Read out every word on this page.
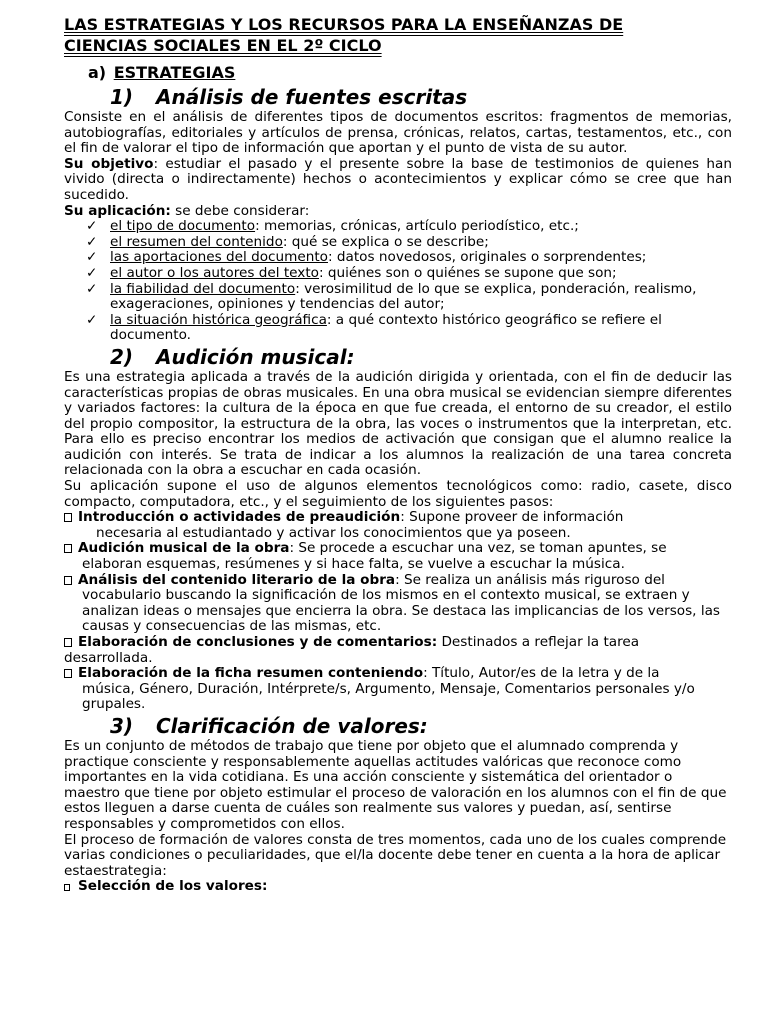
LAS ESTRATEGIAS Y LOS RECURSOS PARA LA ENSEÑANZAS DE
CIENCIAS SOCIALES EN EL 2º CICLO
a) ESTRATEGIAS
1) Análisis de fuentes escritas

Consiste en el análisis de diferentes tipos de documentos escritos: fragmentos de memorias, autobiografías, editoriales y artículos de prensa, crónicas, relatos, cartas, testamentos, etc., con el fin de valorar el tipo de información que aportan y el punto de vista de su autor.

Su objetivo: estudiar el pasado y el presente sobre la base de testimonios de quienes han vivido (directa o indirectamente) hechos o acontecimientos y explicar cómo se cree que han sucedido.

Su aplicación: se debe considerar:

✓ el tipo de documento: memorias, crónicas, artículo periodístico, etc.;
✓ el resumen del contenido: qué se explica o se describe;
✓ las aportaciones del documento: datos novedosos, originales o sorprendentes;
✓ el autor o los autores del texto: quiénes son o quiénes se supone que son;
✓ la fiabilidad del documento: verosimilitud de lo que se explica, ponderación, realismo, exageraciones, opiniones y tendencias del autor;
✓ la situación histórica geográfica: a qué contexto histórico geográfico se refiere el documento.
2) Audición musical:

Es una estrategia aplicada a través de la audición dirigida y orientada, con el fin de deducir las características propias de obras musicales. En una obra musical se evidencian siempre diferentes y variados factores: la cultura de la época en que fue creada, el entorno de su creador, el estilo del propio compositor, la estructura de la obra, las voces o instrumentos que la interpretan, etc. Para ello es preciso encontrar los medios de activación que consigan que el alumno realice la audición con interés. Se trata de indicar a los alumnos la realización de una tarea concreta relacionada con la obra a escuchar en cada ocasión.

Su aplicación supone el uso de algunos elementos tecnológicos como: radio, casete, disco compacto, computadora, etc., y el seguimiento de los siguientes pasos:

Introducción o actividades de preaudición: Supone proveer de información
necesaria al estudiantado y activar los conocimientos que ya poseen.
Audición musical de la obra: Se procede a escuchar una vez, se toman apuntes, se
elaboran esquemas, resúmenes y si hace falta, se vuelve a escuchar la música.
Análisis del contenido literario de la obra: Se realiza un análisis más riguroso del
vocabulario buscando la significación de los mismos en el contexto musical, se extraen y analizan ideas o mensajes que encierra la obra. Se destaca las implicancias de los versos, las causas y consecuencias de las mismas, etc.
Elaboración de conclusiones y de comentarios: Destinados a reflejar la tarea
desarrollada.
Elaboración de la ficha resumen conteniendo: Título, Autor/es de la letra y de la
música, Género, Duración, Intérprete/s, Argumento, Mensaje, Comentarios personales y/o grupales.
3) Clarificación de valores:

Es un conjunto de métodos de trabajo que tiene por objeto que el alumnado comprenda y practique consciente y responsablemente aquellas actitudes valóricas que reconoce como importantes en la vida cotidiana. Es una acción consciente y sistemática del orientador o maestro que tiene por objeto estimular el proceso de valoración en los alumnos con el fin de que estos lleguen a darse cuenta de cuáles son realmente sus valores y puedan, así, sentirse responsables y comprometidos con ellos.

El proceso de formación de valores consta de tres momentos, cada uno de los cuales comprende varias condiciones o peculiaridades, que el/la docente debe tener en cuenta a la hora de aplicar estaestrategia:

Selección de los valores:
